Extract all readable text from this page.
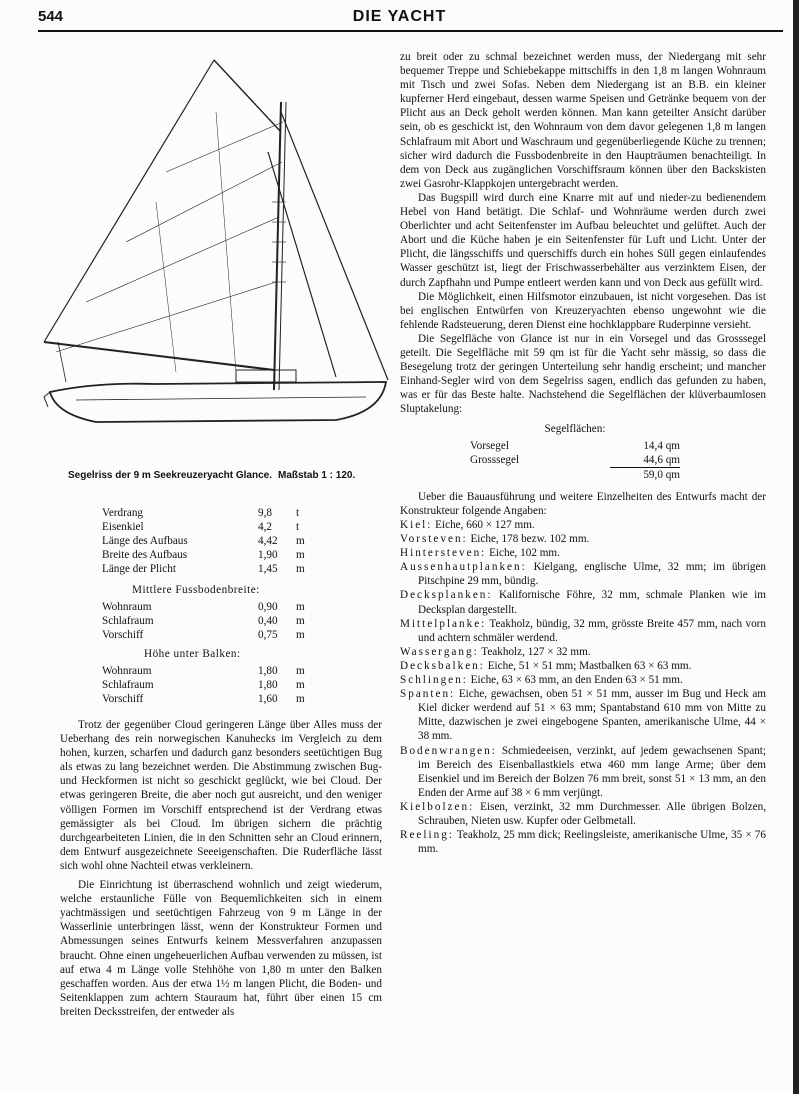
544	DIE YACHT
Segelriss der 9 m Seekreuzeryacht Glance. Maßstab 1 : 120.
Verdrang	9,8	t
Eisenkiel	4,2	t
Länge des Aufbaus	4,42	m
Breite des Aufbaus	1,90	m
Länge der Plicht	1,45	m
Mittlere Fussbodenbreite:
Wohnraum	0,90	m
Schlafraum	0,40	m
Vorschiff	0,75	m
Höhe unter Balken:
Wohnraum	1,80	m
Schlafraum	1,80	m
Vorschiff	1,60	m

Trotz der gegenüber Cloud geringeren Länge über Alles muss der Ueberhang des rein norwegischen Kanuhecks im Vergleich zu dem hohen, kurzen, scharfen und dadurch ganz besonders seetüchtigen Bug als etwas zu lang bezeichnet werden. Die Abstimmung zwischen Bug- und Heckformen ist nicht so geschickt geglückt, wie bei Cloud. Der etwas geringeren Breite, die aber noch gut ausreicht, und den weniger völligen Formen im Vorschiff entsprechend ist der Verdrang etwas gemässigter als bei Cloud. Im übrigen sichern die prächtig durchgearbeiteten Linien, die in den Schnitten sehr an Cloud erinnern, dem Entwurf ausgezeichnete Seeeigenschaften. Die Ruderfläche lässt sich wohl ohne Nachteil etwas verkleinern.

Die Einrichtung ist überraschend wohnlich und zeigt wiederum, welche erstaunliche Fülle von Bequemlichkeiten sich in einem yachtmässigen und seetüchtigen Fahrzeug von 9 m Länge in der Wasserlinie unterbringen lässt, wenn der Konstrukteur Formen und Abmessungen seines Entwurfs keinem Messverfahren anzupassen braucht. Ohne einen ungeheuerlichen Aufbau verwenden zu müssen, ist auf etwa 4 m Länge volle Stehhöhe von 1,80 m unter den Balken geschaffen worden. Aus der etwa 1½ m langen Plicht, die Boden- und Seitenklappen zum achtern Stauraum hat, führt über einen 15 cm breiten Decksstreifen, der entweder als

zu breit oder zu schmal bezeichnet werden muss, der Niedergang mit sehr bequemer Treppe und Schiebekappe mittschiffs in den 1,8 m langen Wohnraum mit Tisch und zwei Sofas. Neben dem Niedergang ist an B.B. ein kleiner kupferner Herd eingebaut, dessen warme Speisen und Getränke bequem von der Plicht aus an Deck geholt werden können. Man kann geteilter Ansicht darüber sein, ob es geschickt ist, den Wohnraum von dem davor gelegenen 1,8 m langen Schlafraum mit Abort und Waschraum und gegenüberliegende Küche zu trennen; sicher wird dadurch die Fussbodenbreite in den Haupträumen benachteiligt. In dem von Deck aus zugänglichen Vorschiffsraum können über den Backskisten zwei Gasrohr-Klappkojen untergebracht werden.

Das Bugspill wird durch eine Knarre mit auf und nieder-zu bedienendem Hebel von Hand betätigt. Die Schlaf- und Wohnräume werden durch zwei Oberlichter und acht Seitenfenster im Aufbau beleuchtet und gelüftet. Auch der Abort und die Küche haben je ein Seitenfenster für Luft und Licht. Unter der Plicht, die längsschiffs und querschiffs durch ein hohes Süll gegen einlaufendes Wasser geschützt ist, liegt der Frischwasserbehälter aus verzinktem Eisen, der durch Zapfhahn und Pumpe entleert werden kann und von Deck aus gefüllt wird.

Die Möglichkeit, einen Hilfsmotor einzubauen, ist nicht vorgesehen. Das ist bei englischen Entwürfen von Kreuzeryachten ebenso ungewohnt wie die fehlende Radsteuerung, deren Dienst eine hochklappbare Ruderpinne versieht.

Die Segelfläche von Glance ist nur in ein Vorsegel und das Grosssegel geteilt. Die Segelfläche mit 59 qm ist für die Yacht sehr mässig, so dass die Besegelung trotz der geringen Unterteilung sehr handig erscheint; und mancher Einhand-Segler wird von dem Segelriss sagen, endlich das gefunden zu haben, was er für das Beste halte. Nachstehend die Segelflächen der klüverbaumlosen Sluptakelung:

Segelflächen:
Vorsegel	14,4 qm
Grosssegel	44,6 qm
59,0 qm

Ueber die Bauausführung und weitere Einzelheiten des Entwurfs macht der Konstrukteur folgende Angaben:

Kiel: Eiche, 660 × 127 mm.

Vorsteven: Eiche, 178 bezw. 102 mm.

Hintersteven: Eiche, 102 mm.

Aussenhautplanken: Kielgang, englische Ulme, 32 mm; im übrigen Pitschpine 29 mm, bündig.

Decksplanken: Kalifornische Föhre, 32 mm, schmale Planken wie im Decksplan dargestellt.

Mittelplanke: Teakholz, bündig, 32 mm, grösste Breite 457 mm, nach vorn und achtern schmäler werdend.

Wassergang: Teakholz, 127 × 32 mm.

Decksbalken: Eiche, 51 × 51 mm; Mastbalken 63 × 63 mm.

Schlingen: Eiche, 63 × 63 mm, an den Enden 63 × 51 mm.

Spanten: Eiche, gewachsen, oben 51 × 51 mm, ausser im Bug und Heck am Kiel dicker werdend auf 51 × 63 mm; Spantabstand 610 mm von Mitte zu Mitte, dazwischen je zwei eingebogene Spanten, amerikanische Ulme, 44 × 38 mm.

Bodenwrangen: Schmiedeeisen, verzinkt, auf jedem gewachsenen Spant; im Bereich des Eisenballastkiels etwa 460 mm lange Arme; über dem Eisenkiel und im Bereich der Bolzen 76 mm breit, sonst 51 × 13 mm, an den Enden der Arme auf 38 × 6 mm verjüngt.

Kielbolzen: Eisen, verzinkt, 32 mm Durchmesser. Alle übrigen Bolzen, Schrauben, Nieten usw. Kupfer oder Gelbmetall.

Reeling: Teakholz, 25 mm dick; Reelingsleiste, amerikanische Ulme, 35 × 76 mm.
